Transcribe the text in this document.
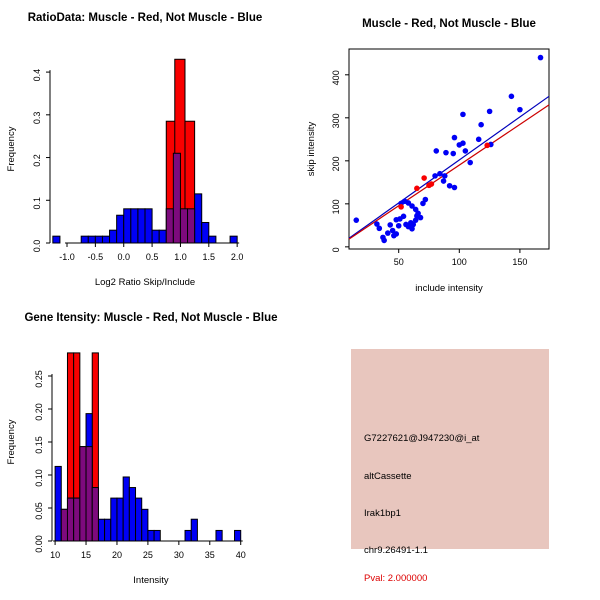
-1.0 -0.5 0.0 0.5 1.0 1.5 2.0
0.0
0.1
0.2
0.3
0.4
RatioData: Muscle - Red, Not Muscle - Blue
Log2 Ratio Skip/Include
Frequency
50	100	150
0
100
200
300
400
Muscle - Red, Not Muscle - Blue
include intensity
skip intensity
10 15 20 25 30 35 40
0.00
0.05
0.10
0.15
0.20
0.25
Gene Itensity: Muscle - Red, Not Muscle - Blue
Intensity
Frequency	G7227621@J947230@i_at
altCassette
Irak1bp1
chr9.26491-1.1
Pval: 2.000000
